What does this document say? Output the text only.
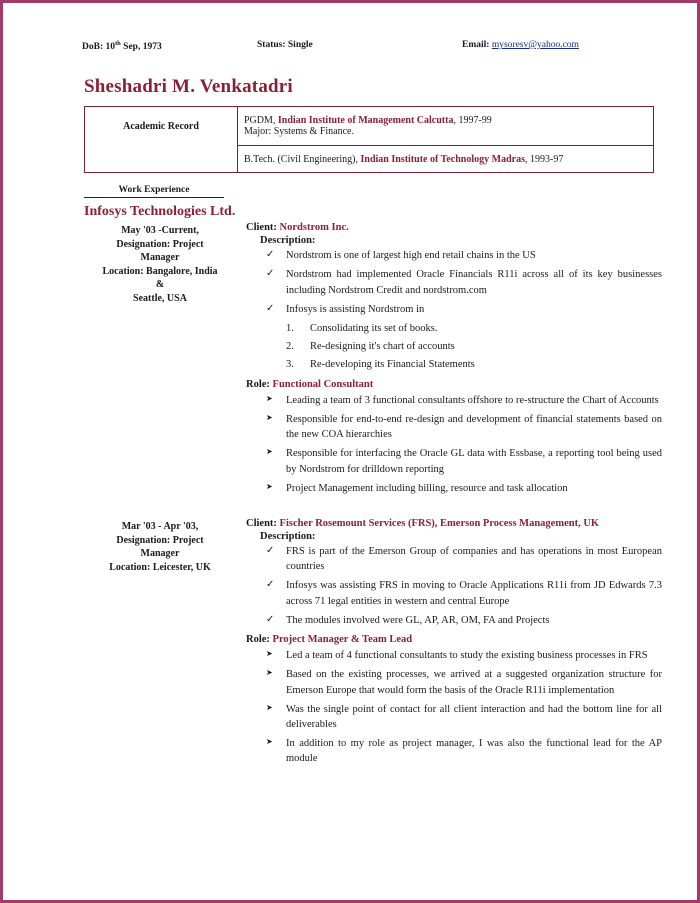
DoB: 10th Sep, 1973	Status: Single	Email: mysoresv@yahoo.com
Sheshadri M. Venkatadri
Academic Record	PGDM, Indian Institute of Management Calcutta, 1997-99
Major: Systems & Finance.

	B.Tech. (Civil Engineering), Indian Institute of Technology Madras, 1993-97
Work Experience
Infosys Technologies Ltd.
May '03 -Current,
Designation: Project
Manager
Location: Bangalore, India
&
Seattle, USA
Client: Nordstrom Inc.
Description:
✓ Nordstrom is one of largest high end retail chains in the US
✓ Nordstrom had implemented Oracle Financials R11i across all of its key businesses including Nordstrom Credit and nordstrom.com
✓ Infosys is assisting Nordstrom in
Consolidating its set of books.
Re-designing it's chart of accounts
Re-developing its Financial Statements
Role: Functional Consultant
➤ Leading a team of 3 functional consultants offshore to re-structure the Chart of Accounts
➤ Responsible for end-to-end re-design and development of financial statements based on the new COA hierarchies
➤ Responsible for interfacing the Oracle GL data with Essbase, a reporting tool being used by Nordstrom for drilldown reporting
➤ Project Management including billing, resource and task allocation
Mar '03 - Apr '03,
Designation: Project
Manager
Location: Leicester, UK
Client: Fischer Rosemount Services (FRS), Emerson Process Management, UK
Description:
✓ FRS is part of the Emerson Group of companies and has operations in most European countries
✓ Infosys was assisting FRS in moving to Oracle Applications R11i from JD Edwards 7.3 across 71 legal entities in western and central Europe
✓ The modules involved were GL, AP, AR, OM, FA and Projects
Role: Project Manager & Team Lead
➤ Led a team of 4 functional consultants to study the existing business processes in FRS
➤ Based on the existing processes, we arrived at a suggested organization structure for Emerson Europe that would form the basis of the Oracle R11i implementation
➤ Was the single point of contact for all client interaction and had the bottom line for all deliverables
➤ In addition to my role as project manager, I was also the functional lead for the AP module
